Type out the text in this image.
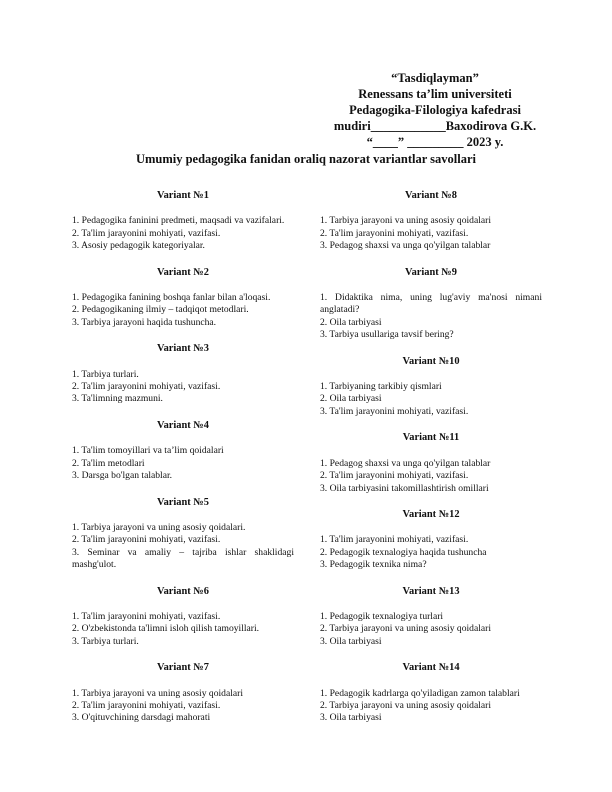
“Tasdiqlayman”
Renessans ta’lim universiteti
Pedagogika-Filologiya kafedrasi
mudiri____________Baxodirova G.K.
“____” _________ 2023 y.
Umumiy pedagogika fanidan oraliq nazorat variantlar savollari
Variant №1
1. Pedagogika faninini predmeti, maqsadi va vazifalari.
2. Ta'lim jarayonini mohiyati, vazifasi.
3. Asosiy pedagogik kategoriyalar.
Variant №2
1. Pedagogika fanining boshqa fanlar bilan a'loqasi.
2. Pedagogikaning ilmiy – tadqiqot metodlari.
3. Tarbiya jarayoni haqida tushuncha.
Variant №3
1. Tarbiya turlari.
2. Ta'lim jarayonini mohiyati, vazifasi.
3. Ta'limning mazmuni.
Variant №4
1. Ta'lim tomoyillari va ta’lim qoidalari
2. Ta'lim metodlari
3. Darsga bo'lgan talablar.
Variant №5
1. Tarbiya jarayoni va uning asosiy qoidalari.
2. Ta'lim jarayonini mohiyati, vazifasi.
3. Seminar va amaliy – tajriba ishlar shaklidagi mashg'ulot.
Variant №6
1. Ta'lim jarayonini mohiyati, vazifasi.
2. O'zbekistonda ta'limni isloh qilish tamoyillari.
3. Tarbiya turlari.
Variant №7
1. Tarbiya jarayoni va uning asosiy qoidalari
2. Ta'lim jarayonini mohiyati, vazifasi.
3. O'qituvchining darsdagi mahorati
Variant №8
1. Tarbiya jarayoni va uning asosiy qoidalari
2. Ta'lim jarayonini mohiyati, vazifasi.
3. Pedagog shaxsi va unga qo'yilgan talablar
Variant №9
1. Didaktika nima, uning lug'aviy ma'nosi nimani anglatadi?
2. Oila tarbiyasi
3. Tarbiya usullariga tavsif bering?
Variant №10
1. Tarbiyaning tarkibiy qismlari
2. Oila tarbiyasi
3. Ta'lim jarayonini mohiyati, vazifasi.
Variant №11
1. Pedagog shaxsi va unga qo'yilgan talablar
2. Ta'lim jarayonini mohiyati, vazifasi.
3. Oila tarbiyasini takomillashtirish omillari
Variant №12
1. Ta'lim jarayonini mohiyati, vazifasi.
2. Pedagogik texnalogiya haqida tushuncha
3. Pedagogik texnika nima?
Variant №13
1. Pedagogik texnalogiya turlari
2. Tarbiya jarayoni va uning asosiy qoidalari
3. Oila tarbiyasi
Variant №14
1. Pedagogik kadrlarga qo'yiladigan zamon talablari
2. Tarbiya jarayoni va uning asosiy qoidalari
3. Oila tarbiyasi
